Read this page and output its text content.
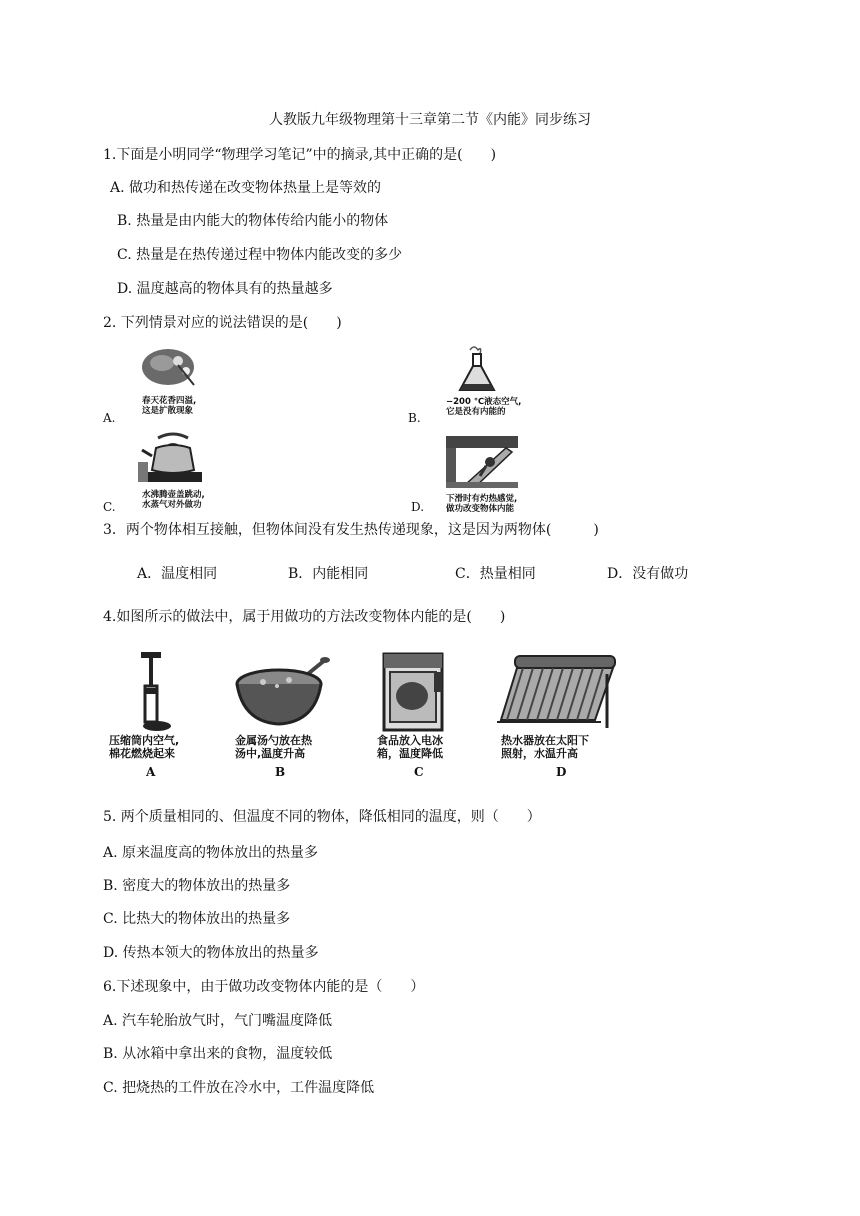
人教版九年级物理第十三章第二节《内能》同步练习
1.下面是小明同学“物理学习笔记”中的摘录,其中正确的是(　　)
A. 做功和热传递在改变物体热量上是等效的
B. 热量是由内能大的物体传给内能小的物体
C. 热量是在热传递过程中物体内能改变的多少
D. 温度越高的物体具有的热量越多
2. 下列情景对应的说法错误的是(　　)
A.
春天花香四溢,
这是扩散现象	B.
−200 ℃液态空气,
它是没有内能的
C.
水沸腾壶盖跳动,
水蒸气对外做功	D.
下滑时有灼热感觉,
做功改变物体内能
3．两个物体相互接触，但物体间没有发生热传递现象，这是因为两物体(　　　)
A．温度相同	B．内能相同	C．热量相同	D．没有做功
4.如图所示的做法中，属于用做功的方法改变物体内能的是(　　)
压缩筒内空气,
棉花燃烧起来
A
金属汤勺放在热
汤中,温度升高
B
食品放入电冰
箱，温度降低
C
热水器放在太阳下
照射，水温升高
D
5. 两个质量相同的、但温度不同的物体，降低相同的温度，则（　　）
A. 原来温度高的物体放出的热量多
B. 密度大的物体放出的热量多
C. 比热大的物体放出的热量多
D. 传热本领大的物体放出的热量多
6.下述现象中，由于做功改变物体内能的是（　　）
A. 汽车轮胎放气时，气门嘴温度降低
B. 从冰箱中拿出来的食物，温度较低
C. 把烧热的工件放在冷水中，工件温度降低
